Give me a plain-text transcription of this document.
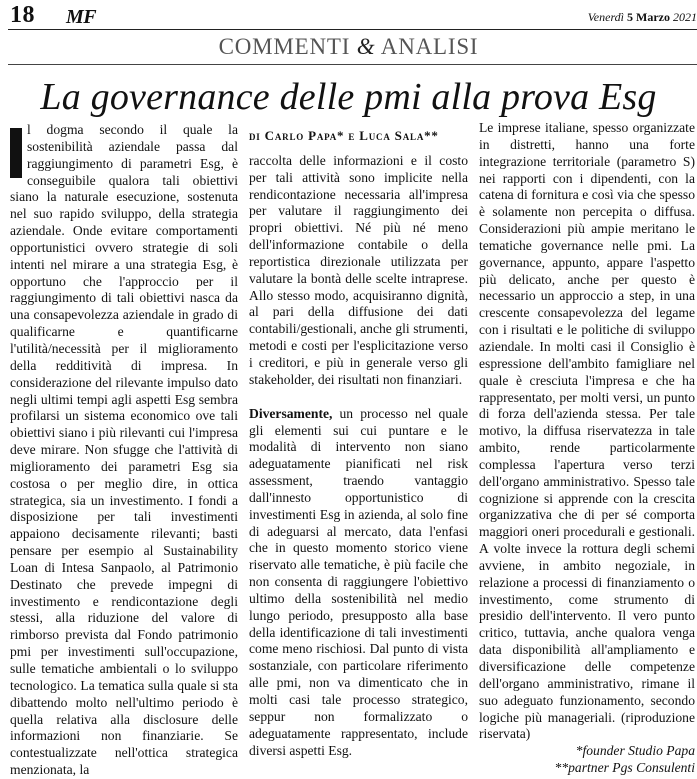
18 MF	Venerdì 5 Marzo 2021
COMMENTI & ANALISI
La governance delle pmi alla prova Esg

l dogma secondo il quale la sostenibilità aziendale passa dal raggiungimento di parametri Esg, è conseguibile qualora tali obiettivi siano la naturale esecuzione, sostenuta nel suo rapido sviluppo, della strategia aziendale. Onde evitare comportamenti opportunistici ovvero strategie di soli intenti nel mirare a una strategia Esg, è opportuno che l'approccio per il raggiungimento di tali obiettivi nasca da una consapevolezza aziendale in grado di qualificarne e quantificarne l'utilità/necessità per il miglioramento della redditività di impresa. In considerazione del rilevante impulso dato negli ultimi tempi agli aspetti Esg sembra profilarsi un sistema economico ove tali obiettivi siano i più rilevanti cui l'impresa deve mirare. Non sfugge che l'attività di miglioramento dei parametri Esg sia costosa o per meglio dire, in ottica strategica, sia un investimento. I fondi a disposizione per tali investimenti appaiono decisamente rilevanti; basti pensare per esempio al Sustainability Loan di Intesa Sanpaolo, al Patrimonio Destinato che prevede impegni di investimento e rendicontazione degli stessi, alla riduzione del valore di rimborso prevista dal Fondo patrimonio pmi per investimenti sull'occupazione, sulle tematiche ambientali o lo sviluppo tecnologico. La tematica sulla quale si sta dibattendo molto nell'ultimo periodo è quella relativa alla disclosure delle informazioni non finanziarie. Se contestualizzate nell'ottica strategica menzionata, la

di Carlo Papa* e Luca Sala**

raccolta delle informazioni e il costo per tali attività sono implicite nella rendicontazione necessaria all'impresa per valutare il raggiungimento dei propri obiettivi. Né più né meno dell'informazione contabile o della reportistica direzionale utilizzata per valutare la bontà delle scelte intraprese. Allo stesso modo, acquisiranno dignità, al pari della diffusione dei dati contabili/gestionali, anche gli strumenti, metodi e costi per l'esplicitazione verso i creditori, e più in generale verso gli stakeholder, dei risultati non finanziari.

Diversamente, un processo nel quale gli elementi sui cui puntare e le modalità di intervento non siano adeguatamente pianificati nel risk assessment, traendo vantaggio dall'innesto opportunistico di investimenti Esg in azienda, al solo fine di adeguarsi al mercato, data l'enfasi che in questo momento storico viene riservato alle tematiche, è più facile che non consenta di raggiungere l'obiettivo ultimo della sostenibilità nel medio lungo periodo, presupposto alla base della identificazione di tali investimenti come meno rischiosi. Dal punto di vista sostanziale, con particolare riferimento alle pmi, non va dimenticato che in molti casi tale processo strategico, seppur non formalizzato o adeguatamente rappresentato, include diversi aspetti Esg.

Le imprese italiane, spesso organizzate in distretti, hanno una forte integrazione territoriale (parametro S) nei rapporti con i dipendenti, con la catena di fornitura e così via che spesso è solamente non percepita o diffusa. Considerazioni più ampie meritano le tematiche governance nelle pmi. La governance, appunto, appare l'aspetto più delicato, anche per questo è necessario un approccio a step, in una crescente consapevolezza del legame con i risultati e le politiche di sviluppo aziendale. In molti casi il Consiglio è espressione dell'ambito famigliare nel quale è cresciuta l'impresa e che ha rappresentato, per molti versi, un punto di forza dell'azienda stessa. Per tale motivo, la diffusa riservatezza in tale ambito, rende particolarmente complessa l'apertura verso terzi dell'organo amministrativo. Spesso tale cognizione si apprende con la crescita organizzativa che di per sé comporta maggiori oneri procedurali e gestionali. A volte invece la rottura degli schemi avviene, in ambito negoziale, in relazione a processi di finanziamento o investimento, come strumento di presidio dell'intervento. Il vero punto critico, tuttavia, anche qualora venga data disponibilità all'ampliamento e diversificazione delle competenze dell'organo amministrativo, rimane il suo adeguato funzionamento, secondo logiche più manageriali. (riproduzione riservata)

*founder Studio Papa

**partner Pgs Consulenti
